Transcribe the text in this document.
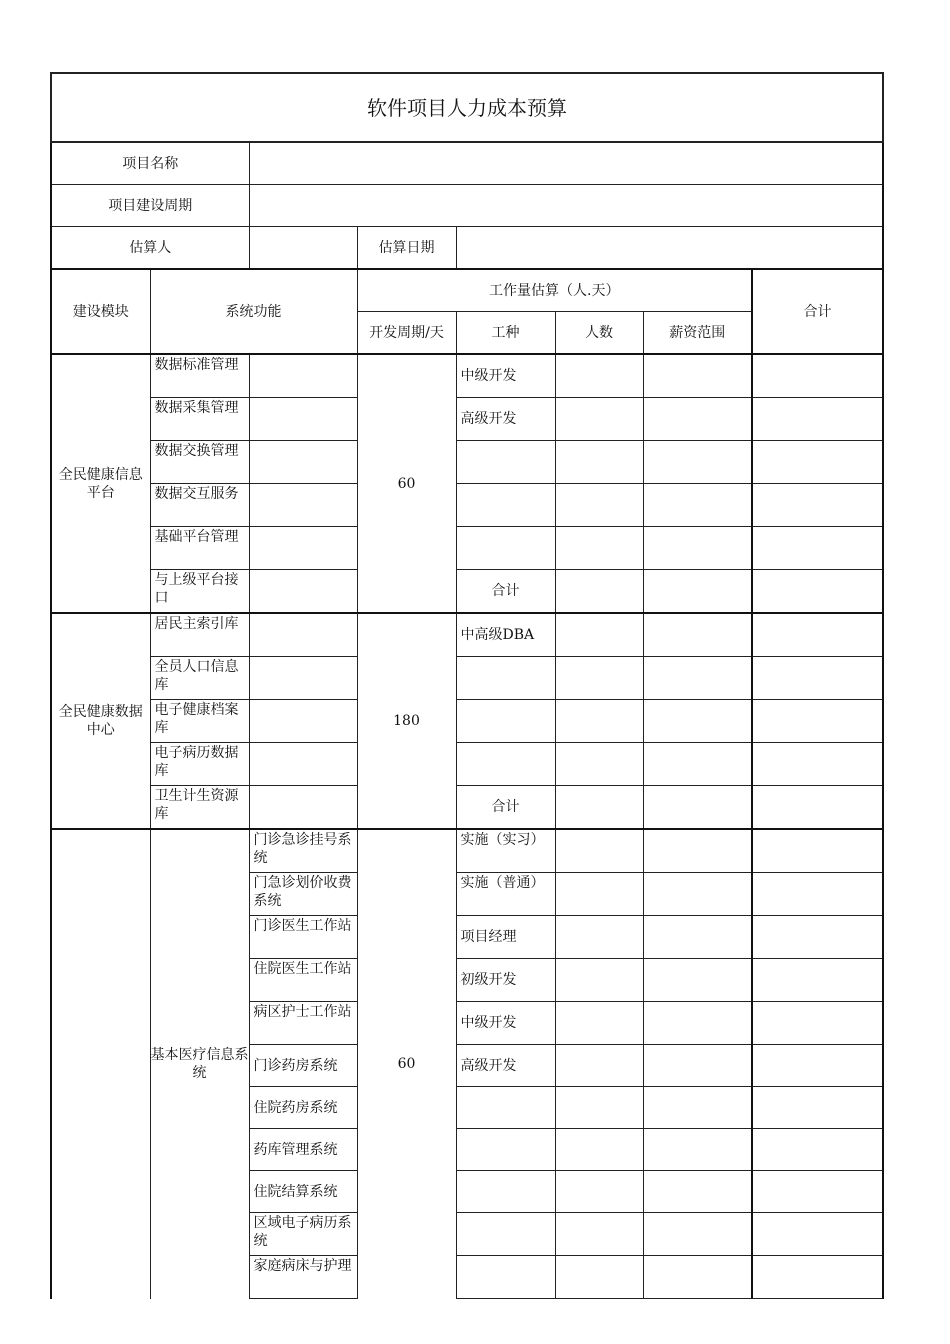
软件项目人力成本预算							
项目名称							
项目建设周期							
估算人			估算日期				
建设模块	系统功能		工作量估算（人.天）				合计
			开发周期/天	工种	人数	薪资范围	
全民健康信息平台	数据标准管理		60	中级开发			
	数据采集管理			高级开发			
	数据交换管理						
	数据交互服务						
	基础平台管理						
	与上级平台接口			合计			
全民健康数据中心	居民主索引库		180	中高级DBA			
	全员人口信息库						
	电子健康档案库						
	电子病历数据库						
	卫生计生资源库			合计			
	基本医疗信息系统	门诊急诊挂号系统	60	实施（实习）			
		门急诊划价收费系统		实施（普通）			
		门诊医生工作站		项目经理			
		住院医生工作站		初级开发			
		病区护士工作站		中级开发			
		门诊药房系统		高级开发			
		住院药房系统					
		药库管理系统					
		住院结算系统					
		区域电子病历系统					
		家庭病床与护理					
